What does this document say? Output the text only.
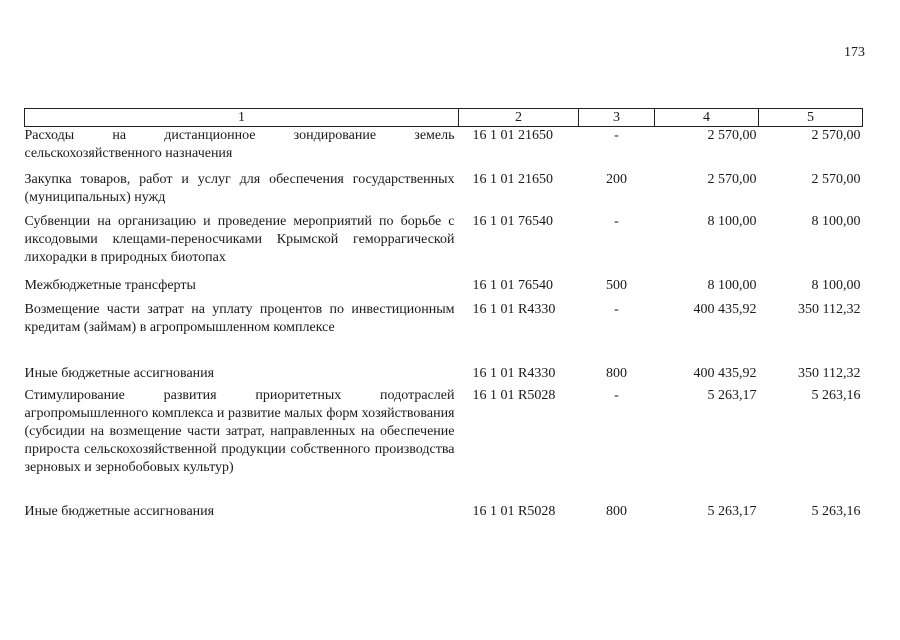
173
1	2	3	4	5
Расходы на дистанционное зондирование земель сельскохозяйственного назначения	16 1 01 21650	-	2 570,00	2 570,00
Закупка товаров, работ и услуг для обеспечения государственных (муниципальных) нужд	16 1 01 21650	200	2 570,00	2 570,00
Субвенции на организацию и проведение мероприятий по борьбе с иксодовыми клещами-переносчиками Крымской геморрагической лихорадки в природных биотопах	16 1 01 76540	-	8 100,00	8 100,00
Межбюджетные трансферты	16 1 01 76540	500	8 100,00	8 100,00
Возмещение части затрат на уплату процентов по инвестиционным кредитам (займам) в агропромышленном комплексе	16 1 01 R4330	-	400 435,92	350 112,32
Иные бюджетные ассигнования	16 1 01 R4330	800	400 435,92	350 112,32
Стимулирование развития приоритетных подотраслей агропромышленного комплекса и развитие малых форм хозяйствования (субсидии на возмещение части затрат, направленных на обеспечение прироста сельскохозяйственной продукции собственного производства зерновых и зернобобовых культур)	16 1 01 R5028	-	5 263,17	5 263,16
Иные бюджетные ассигнования	16 1 01 R5028	800	5 263,17	5 263,16
